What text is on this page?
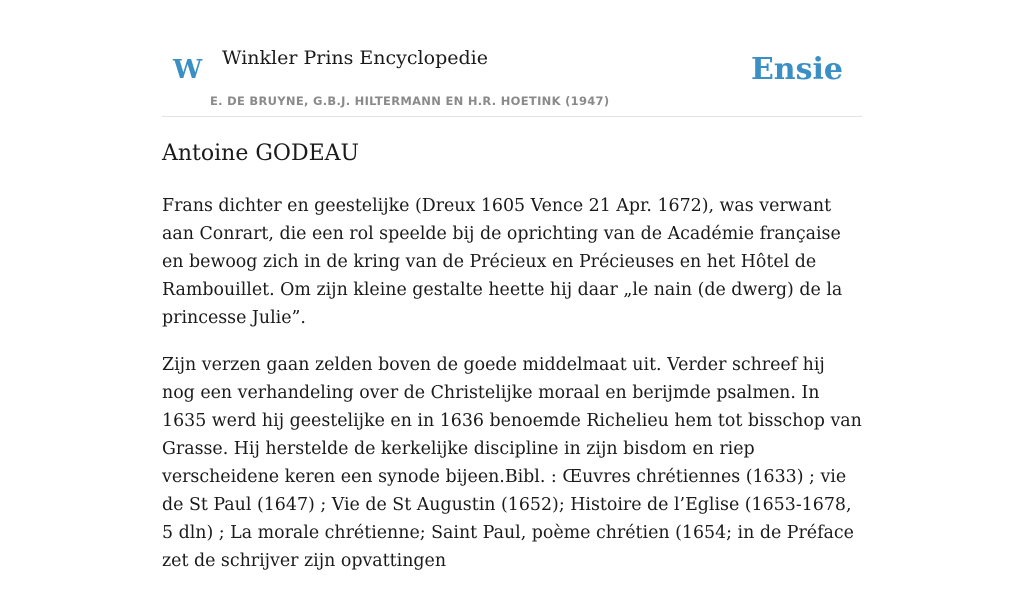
W Winkler Prins Encyclopedie
E. DE BRUYNE, G.B.J. HILTERMANN EN H.R. HOETINK (1947)
Ensie
Antoine GODEAU

Frans dichter en geestelijke (Dreux 1605 Vence 21 Apr. 1672), was verwant aan Conrart, die een rol speelde bij de oprichting van de Académie française en bewoog zich in de kring van de Précieux en Précieuses en het Hôtel de Rambouillet. Om zijn kleine gestalte heette hij daar „le nain (de dwerg) de la princesse Julie”.

Zijn verzen gaan zelden boven de goede middelmaat uit. Verder schreef hij nog een verhandeling over de Christelijke moraal en berijmde psalmen. In 1635 werd hij geestelijke en in 1636 benoemde Richelieu hem tot bisschop van Grasse. Hij herstelde de kerkelijke discipline in zijn bisdom en riep verscheidene keren een synode bijeen.Bibl. : Œuvres chrétiennes (1633) ; vie de St Paul (1647) ; Vie de St Augustin (1652); Histoire de l’Eglise (1653-1678, 5 dln) ; La morale chrétienne; Saint Paul, poème chrétien (1654; in de Préface zet de schrijver zijn opvattingen
